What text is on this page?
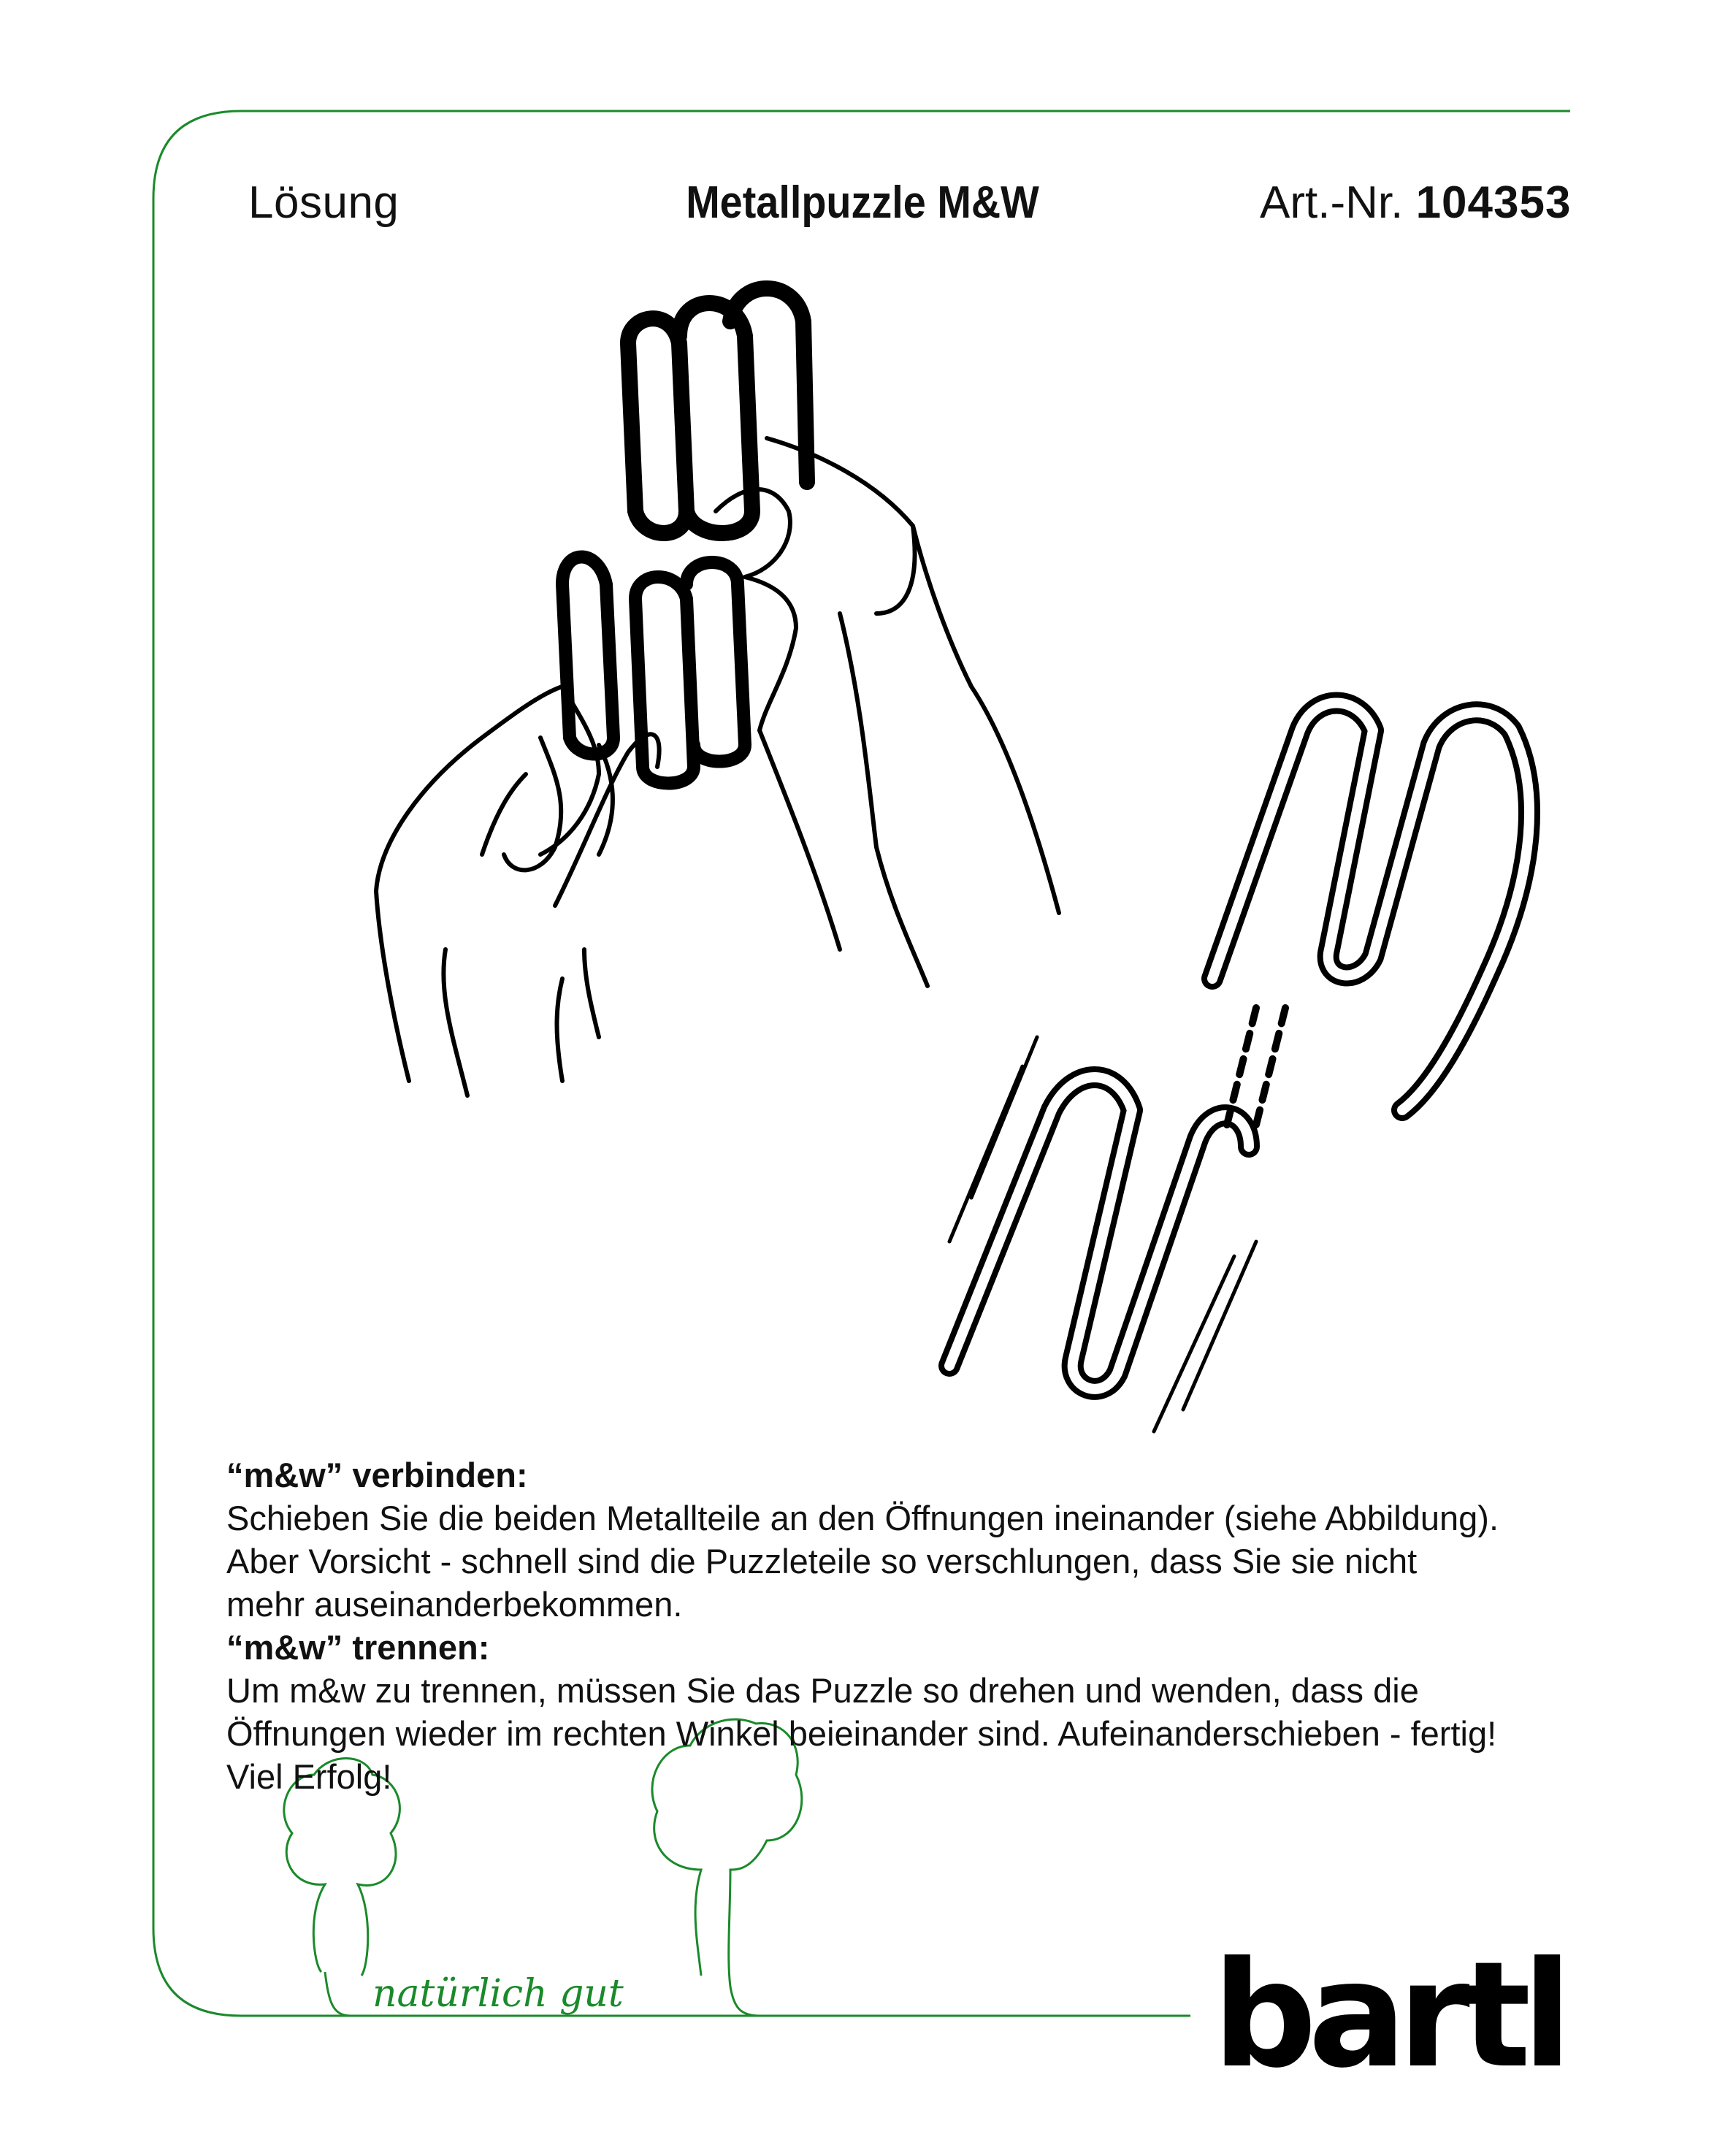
Lösung	Metallpuzzle M&W	Art.-Nr. 104353

“m&w” verbinden:

Schieben Sie die beiden Metallteile an den Öffnungen ineinander (siehe Abbildung).

Aber Vorsicht - schnell sind die Puzzleteile so verschlungen, dass Sie sie nicht

mehr auseinanderbekommen.

“m&w” trennen:

Um m&w zu trennen, müssen Sie das Puzzle so drehen und wenden, dass die

Öffnungen wieder im rechten Winkel beieinander sind. Aufeinanderschieben - fertig!

Viel Erfolg!

natürlich gut	bartl
